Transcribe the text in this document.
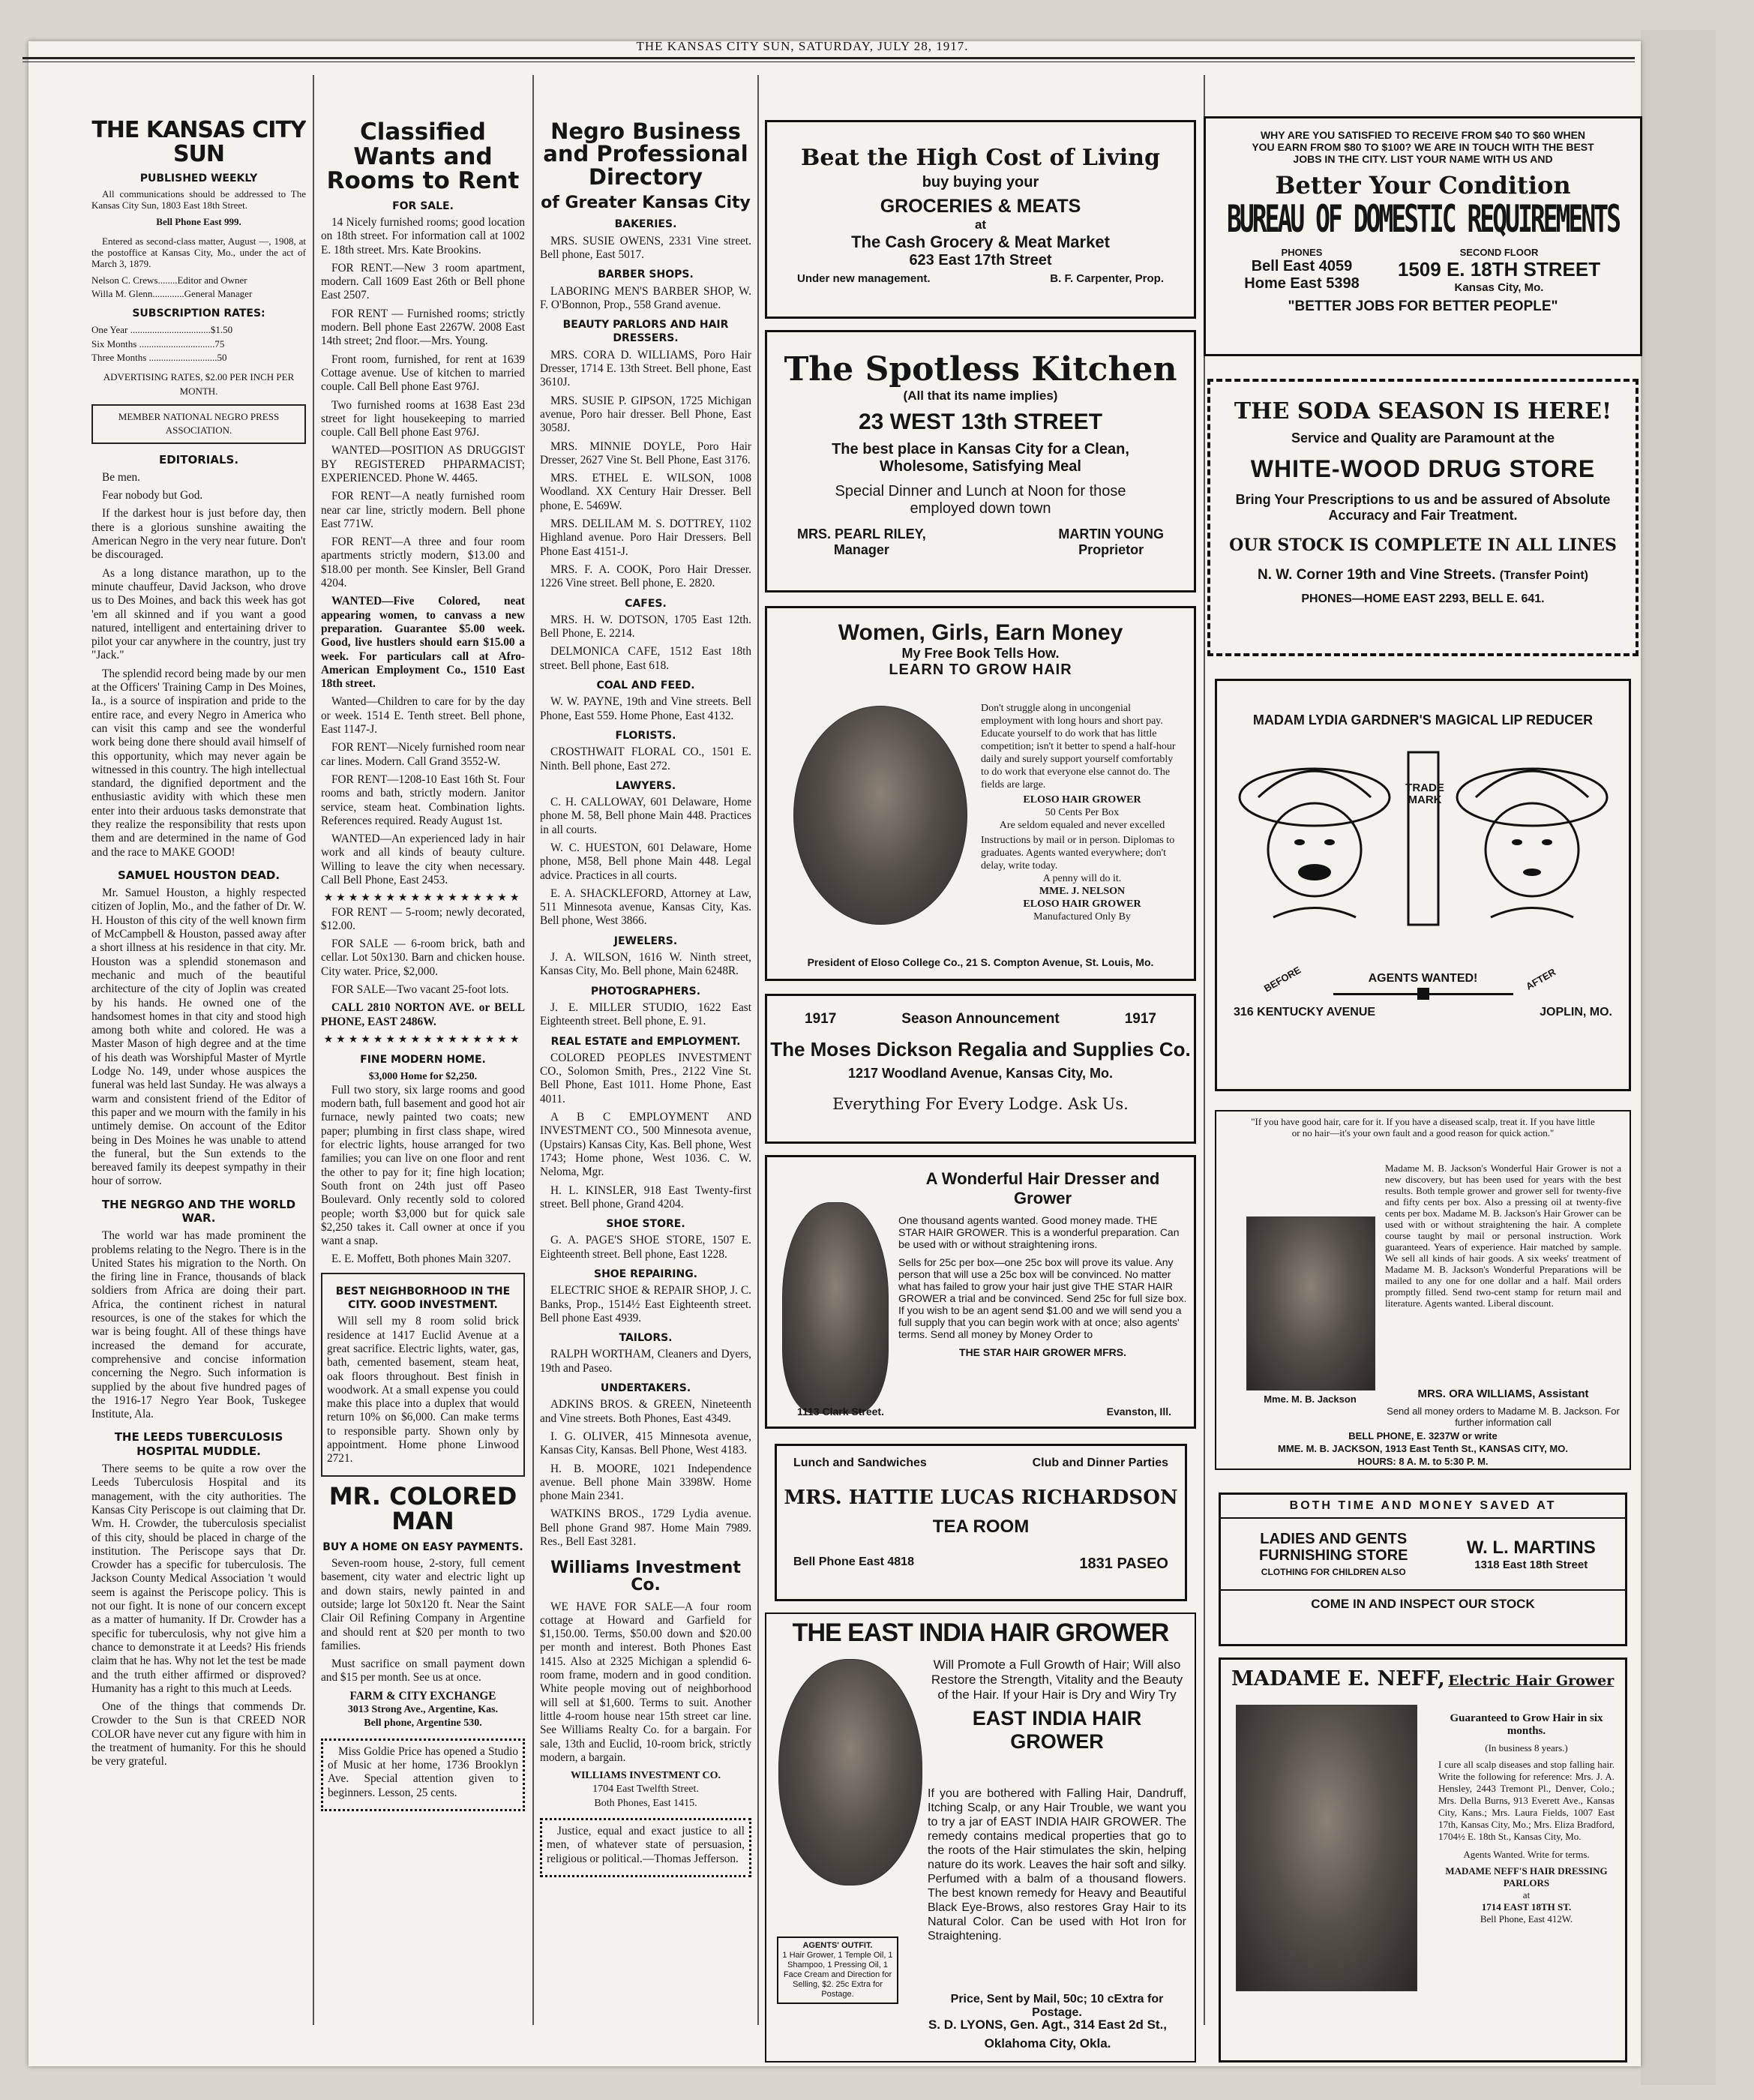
THE KANSAS CITY SUN, SATURDAY, JULY 28, 1917.
THE KANSAS CITY SUN
PUBLISHED WEEKLY

All communications should be addressed to The Kansas City Sun, 1803 East 18th Street.

Bell Phone East 999.

Entered as second-class matter, August —, 1908, at the postoffice at Kansas City, Mo., under the act of March 3, 1879.

Nelson C. Crews........Editor and Owner
Willa M. Glenn.............General Manager
SUBSCRIPTION RATES:
One Year .................................$1.50
Six Months ...............................75
Three Months ............................50
ADVERTISING RATES, $2.00 PER INCH PER MONTH.
MEMBER NATIONAL NEGRO PRESS ASSOCIATION.
EDITORIALS.

Be men.

Fear nobody but God.

If the darkest hour is just before day, then there is a glorious sunshine awaiting the American Negro in the very near future. Don't be discouraged.

As a long distance marathon, up to the minute chauffeur, David Jackson, who drove us to Des Moines, and back this week has got 'em all skinned and if you want a good natured, intelligent and entertaining driver to pilot your car anywhere in the country, just try "Jack."

The splendid record being made by our men at the Officers' Training Camp in Des Moines, Ia., is a source of inspiration and pride to the entire race, and every Negro in America who can visit this camp and see the wonderful work being done there should avail himself of this opportunity, which may never again be witnessed in this country. The high intellectual standard, the dignified deportment and the enthusiastic avidity with which these men enter into their arduous tasks demonstrate that they realize the responsibility that rests upon them and are determined in the name of God and the race to MAKE GOOD!

SAMUEL HOUSTON DEAD.

Mr. Samuel Houston, a highly respected citizen of Joplin, Mo., and the father of Dr. W. H. Houston of this city of the well known firm of McCampbell & Houston, passed away after a short illness at his residence in that city. Mr. Houston was a splendid stonemason and mechanic and much of the beautiful architecture of the city of Joplin was created by his hands. He owned one of the handsomest homes in that city and stood high among both white and colored. He was a Master Mason of high degree and at the time of his death was Worshipful Master of Myrtle Lodge No. 149, under whose auspices the funeral was held last Sunday. He was always a warm and consistent friend of the Editor of this paper and we mourn with the family in his untimely demise. On account of the Editor being in Des Moines he was unable to attend the funeral, but the Sun extends to the bereaved family its deepest sympathy in their hour of sorrow.

THE NEGRGO AND THE WORLD WAR.

The world war has made prominent the problems relating to the Negro. There is in the United States his migration to the North. On the firing line in France, thousands of black soldiers from Africa are doing their part. Africa, the continent richest in natural resources, is one of the stakes for which the war is being fought. All of these things have increased the demand for accurate, comprehensive and concise information concerning the Negro. Such information is supplied by the about five hundred pages of the 1916-17 Negro Year Book, Tuskegee Institute, Ala.

THE LEEDS TUBERCULOSIS HOSPITAL MUDDLE.

There seems to be quite a row over the Leeds Tuberculosis Hospital and its management, with the city authorities. The Kansas City Periscope is out claiming that Dr. Wm. H. Crowder, the tuberculosis specialist of this city, should be placed in charge of the institution. The Periscope says that Dr. Crowder has a specific for tuberculosis. The Jackson County Medical Association 't would seem is against the Periscope policy. This is not our fight. It is none of our concern except as a matter of humanity. If Dr. Crowder has a specific for tuberculosis, why not give him a chance to demonstrate it at Leeds? His friends claim that he has. Why not let the test be made and the truth either affirmed or disproved? Humanity has a right to this much at Leeds.

One of the things that commends Dr. Crowder to the Sun is that CREED NOR COLOR have never cut any figure with him in the treatment of humanity. For this he should be very grateful.

Classified Wants and Rooms to Rent
FOR SALE.

14 Nicely furnished rooms; good location on 18th street. For information call at 1002 E. 18th street. Mrs. Kate Brookins.

FOR RENT.—New 3 room apartment, modern. Call 1609 East 26th or Bell phone East 2507.

FOR RENT — Furnished rooms; strictly modern. Bell phone East 2267W. 2008 East 14th street; 2nd floor.—Mrs. Young.

Front room, furnished, for rent at 1639 Cottage avenue. Use of kitchen to married couple. Call Bell phone East 976J.

Two furnished rooms at 1638 East 23d street for light housekeeping to married couple. Call Bell phone East 976J.

WANTED—POSITION AS DRUGGIST BY REGISTERED PHPARMACIST; EXPERIENCED. Phone W. 4465.

FOR RENT—A neatly furnished room near car line, strictly modern. Bell phone East 771W.

FOR RENT—A three and four room apartments strictly modern, $13.00 and $18.00 per month. See Kinsler, Bell Grand 4204.

WANTED—Five Colored, neat appearing women, to canvass a new preparation. Guarantee $5.00 week. Good, live hustlers should earn $15.00 a week. For particulars call at Afro-American Employment Co., 1510 East 18th street.

Wanted—Children to care for by the day or week. 1514 E. Tenth street. Bell phone, East 1147-J.

FOR RENT—Nicely furnished room near car lines. Modern. Call Grand 3552-W.

FOR RENT—1208-10 East 16th St. Four rooms and bath, strictly modern. Janitor service, steam heat. Combination lights. References required. Ready August 1st.

WANTED—An experienced lady in hair work and all kinds of beauty culture. Willing to leave the city when necessary. Call Bell Phone, East 2453.

★★★★★★★★★★★★★★★★

FOR RENT — 5-room; newly decorated, $12.00.

FOR SALE — 6-room brick, bath and cellar. Lot 50x130. Barn and chicken house. City water. Price, $2,000.

FOR SALE—Two vacant 25-foot lots.

CALL 2810 NORTON AVE. or BELL PHONE, EAST 2486W.

★★★★★★★★★★★★★★★★
FINE MODERN HOME.
$3,000 Home for $2,250.

Full two story, six large rooms and good modern bath, full basement and good hot air furnace, newly painted two coats; new paper; plumbing in first class shape, wired for electric lights, house arranged for two families; you can live on one floor and rent the other to pay for it; fine high location; South front on 24th just off Paseo Boulevard. Only recently sold to colored people; worth $3,000 but for quick sale $2,250 takes it. Call owner at once if you want a snap.

E. E. Moffett, Both phones Main 3207.

BEST NEIGHBORHOOD IN THE CITY. GOOD INVESTMENT.

Will sell my 8 room solid brick residence at 1417 Euclid Avenue at a great sacrifice. Electric lights, water, gas, bath, cemented basement, steam heat, oak floors throughout. Best finish in woodwork. At a small expense you could make this place into a duplex that would return 10% on $6,000. Can make terms to responsible party. Shown only by appointment. Home phone Linwood 2721.

MR. COLORED MAN
BUY A HOME ON EASY PAYMENTS.

Seven-room house, 2-story, full cement basement, city water and electric light up and down stairs, newly painted in and outside; large lot 50x120 ft. Near the Saint Clair Oil Refining Company in Argentine and should rent at $20 per month to two families.

Must sacrifice on small payment down and $15 per month. See us at once.

FARM & CITY EXCHANGE
3013 Strong Ave., Argentine, Kas.
Bell phone, Argentine 530.

Miss Goldie Price has opened a Studio of Music at her home, 1736 Brooklyn Ave. Special attention given to beginners. Lesson, 25 cents.

Negro Business and Professional Directory
of Greater Kansas City
BAKERIES.

MRS. SUSIE OWENS, 2331 Vine street. Bell phone, East 5017.

BARBER SHOPS.

LABORING MEN'S BARBER SHOP, W. F. O'Bonnon, Prop., 558 Grand avenue.

BEAUTY PARLORS AND HAIR DRESSERS.

MRS. CORA D. WILLIAMS, Poro Hair Dresser, 1714 E. 13th Street. Bell phone, East 3610J.

MRS. SUSIE P. GIPSON, 1725 Michigan avenue, Poro hair dresser. Bell Phone, East 3058J.

MRS. MINNIE DOYLE, Poro Hair Dresser, 2627 Vine St. Bell Phone, East 3176.

MRS. ETHEL E. WILSON, 1008 Woodland. XX Century Hair Dresser. Bell phone, E. 5469W.

MRS. DELILAM M. S. DOTTREY, 1102 Highland avenue. Poro Hair Dressers. Bell Phone East 4151-J.

MRS. F. A. COOK, Poro Hair Dresser. 1226 Vine street. Bell phone, E. 2820.

CAFES.

MRS. H. W. DOTSON, 1705 East 12th. Bell Phone, E. 2214.

DELMONICA CAFE, 1512 East 18th street. Bell phone, East 618.

COAL AND FEED.

W. W. PAYNE, 19th and Vine streets. Bell Phone, East 559. Home Phone, East 4132.

FLORISTS.

CROSTHWAIT FLORAL CO., 1501 E. Ninth. Bell phone, East 272.

LAWYERS.

C. H. CALLOWAY, 601 Delaware, Home phone M. 58, Bell phone Main 448. Practices in all courts.

W. C. HUESTON, 601 Delaware, Home phone, M58, Bell phone Main 448. Legal advice. Practices in all courts.

E. A. SHACKLEFORD, Attorney at Law, 511 Minnesota avenue, Kansas City, Kas. Bell phone, West 3866.

JEWELERS.

J. A. WILSON, 1616 W. Ninth street, Kansas City, Mo. Bell phone, Main 6248R.

PHOTOGRAPHERS.

J. E. MILLER STUDIO, 1622 East Eighteenth street. Bell phone, E. 91.

REAL ESTATE and EMPLOYMENT.

COLORED PEOPLES INVESTMENT CO., Solomon Smith, Pres., 2122 Vine St. Bell Phone, East 1011. Home Phone, East 4011.

A B C EMPLOYMENT AND INVESTMENT CO., 500 Minnesota avenue, (Upstairs) Kansas City, Kas. Bell phone, West 1743; Home phone, West 1036. C. W. Neloma, Mgr.

H. L. KINSLER, 918 East Twenty-first street. Bell phone, Grand 4204.

SHOE STORE.

G. A. PAGE'S SHOE STORE, 1507 E. Eighteenth street. Bell phone, East 1228.

SHOE REPAIRING.

ELECTRIC SHOE & REPAIR SHOP, J. C. Banks, Prop., 1514½ East Eighteenth street. Bell phone East 4939.

TAILORS.

RALPH WORTHAM, Cleaners and Dyers, 19th and Paseo.

UNDERTAKERS.

ADKINS BROS. & GREEN, Nineteenth and Vine streets. Both Phones, East 4349.

I. G. OLIVER, 415 Minnesota avenue, Kansas City, Kansas. Bell Phone, West 4183.

H. B. MOORE, 1021 Independence avenue. Bell phone Main 3398W. Home phone Main 2341.

WATKINS BROS., 1729 Lydia avenue. Bell phone Grand 987. Home Main 7989. Res., Bell East 3281.

Williams Investment Co.

WE HAVE FOR SALE—A four room cottage at Howard and Garfield for $1,150.00. Terms, $50.00 down and $20.00 per month and interest. Both Phones East 1415. Also at 2325 Michigan a splendid 6-room frame, modern and in good condition. White people moving out of neighborhood will sell at $1,600. Terms to suit. Another little 4-room house near 15th street car line. See Williams Realty Co. for a bargain. For sale, 13th and Euclid, 10-room brick, strictly modern, a bargain.

WILLIAMS INVESTMENT CO.
1704 East Twelfth Street.
Both Phones, East 1415.

Justice, equal and exact justice to all men, of whatever state of persuasion, religious or political.—Thomas Jefferson.

Beat the High Cost of Living
buy buying your
GROCERIES & MEATS
at
The Cash Grocery & Meat Market
623 East 17th Street
Under new management.	B. F. Carpenter, Prop.
The Spotless Kitchen
(All that its name implies)
23 WEST 13th STREET
The best place in Kansas City for a Clean, Wholesome, Satisfying Meal
Special Dinner and Lunch at Noon for those employed down town
MRS. PEARL RILEY,
Manager
MARTIN YOUNG
Proprietor
Women, Girls, Earn Money
My Free Book Tells How.
LEARN TO GROW HAIR
Don't struggle along in uncongenial employment with long hours and short pay. Educate yourself to do work that has little competition; isn't it better to spend a half-hour daily and surely support yourself comfortably to do work that everyone else cannot do. The fields are large.
ELOSO HAIR GROWER
50 Cents Per Box
Are seldom equaled and never excelled
Instructions by mail or in person. Diplomas to graduates. Agents wanted everywhere; don't delay, write today.
A penny will do it.
MME. J. NELSON
ELOSO HAIR GROWER
Manufactured Only By
President of Eloso College Co., 21 S. Compton Avenue, St. Louis, Mo.
1917	Season Announcement	1917
The Moses Dickson Regalia and Supplies Co.
1217 Woodland Avenue, Kansas City, Mo.
Everything For Every Lodge. Ask Us.
A Wonderful Hair Dresser and Grower
One thousand agents wanted. Good money made. THE STAR HAIR GROWER. This is a wonderful preparation. Can be used with or without straightening irons.
Sells for 25c per box—one 25c box will prove its value. Any person that will use a 25c box will be convinced. No matter what has failed to grow your hair just give THE STAR HAIR GROWER a trial and be convinced. Send 25c for full size box. If you wish to be an agent send $1.00 and we will send you a full supply that you can begin work with at once; also agents' terms. Send all money by Money Order to
THE STAR HAIR GROWER MFRS.
1113 Clark Street.	Evanston, Ill.
Lunch and Sandwiches	Club and Dinner Parties
MRS. HATTIE LUCAS RICHARDSON
TEA ROOM
Bell Phone East 4818	1831 PASEO
THE EAST INDIA HAIR GROWER
Will Promote a Full Growth of Hair; Will also Restore the Strength, Vitality and the Beauty of the Hair. If your Hair is Dry and Wiry Try
EAST INDIA HAIR GROWER
If you are bothered with Falling Hair, Dandruff, Itching Scalp, or any Hair Trouble, we want you to try a jar of EAST INDIA HAIR GROWER. The remedy contains medical properties that go to the roots of the Hair stimulates the skin, helping nature do its work. Leaves the hair soft and silky. Perfumed with a balm of a thousand flowers. The best known remedy for Heavy and Beautiful Black Eye-Brows, also restores Gray Hair to its Natural Color. Can be used with Hot Iron for Straightening.
Price, Sent by Mail, 50c; 10 cExtra for Postage.
AGENTS' OUTFIT.
1 Hair Grower, 1 Temple Oil, 1 Shampoo, 1 Pressing Oil, 1 Face Cream and Direction for Selling, $2. 25c Extra for Postage.
S. D. LYONS, Gen. Agt., 314 East 2d St.,
Oklahoma City, Okla.
WHY ARE YOU SATISFIED TO RECEIVE FROM $40 TO $60 WHEN YOU EARN FROM $80 TO $100? WE ARE IN TOUCH WITH THE BEST JOBS IN THE CITY. LIST YOUR NAME WITH US AND
Better Your Condition
BUREAU OF DOMESTIC REQUIREMENTS
PHONES
Bell East 4059
Home East 5398
SECOND FLOOR
1509 E. 18TH STREET
Kansas City, Mo.
"BETTER JOBS FOR BETTER PEOPLE"
THE SODA SEASON IS HERE!
Service and Quality are Paramount at the
WHITE-WOOD DRUG STORE
Bring Your Prescriptions to us and be assured of Absolute Accuracy and Fair Treatment.
OUR STOCK IS COMPLETE IN ALL LINES
N. W. Corner 19th and Vine Streets. (Transfer Point)
PHONES—HOME EAST 2293, BELL E. 641.
MADAM LYDIA GARDNER'S MAGICAL LIP REDUCER
TRADE MARK
BEFORE	AFTER
AGENTS WANTED!
316 KENTUCKY AVENUE	JOPLIN, MO.
"If you have good hair, care for it. If you have a diseased scalp, treat it. If you have little or no hair—it's your own fault and a good reason for quick action."
Madame M. B. Jackson's Wonderful Hair Grower is not a new discovery, but has been used for years with the best results. Both temple grower and grower sell for twenty-five and fifty cents per box. Also a pressing oil at twenty-five cents per box. Madame M. B. Jackson's Hair Grower can be used with or without straightening the hair. A complete course taught by mail or personal instruction. Work guaranteed. Years of experience. Hair matched by sample. We sell all kinds of hair goods. A six weeks' treatment of Madame M. B. Jackson's Wonderful Preparations will be mailed to any one for one dollar and a half. Mail orders promptly filled. Send two-cent stamp for return mail and literature. Agents wanted. Liberal discount.
Mme. M. B. Jackson	MRS. ORA WILLIAMS, Assistant
Send all money orders to Madame M. B. Jackson. For further information call
BELL PHONE, E. 3237W or write
MME. M. B. JACKSON, 1913 East Tenth St., KANSAS CITY, MO.
HOURS: 8 A. M. to 5:30 P. M.
BOTH TIME AND MONEY SAVED AT
LADIES AND GENTS FURNISHING STORE
CLOTHING FOR CHILDREN ALSO
W. L. MARTINS
1318 East 18th Street
COME IN AND INSPECT OUR STOCK
MADAME E. NEFF, Electric Hair Grower
Guaranteed to Grow Hair in six months.
(In business 8 years.)
I cure all scalp diseases and stop falling hair. Write the following for reference: Mrs. J. A. Hensley, 2443 Tremont Pl., Denver, Colo.; Mrs. Della Burns, 913 Everett Ave., Kansas City, Kans.; Mrs. Laura Fields, 1007 East 17th, Kansas City, Mo.; Mrs. Eliza Bradford, 1704½ E. 18th St., Kansas City, Mo.
Agents Wanted. Write for terms.
MADAME NEFF'S HAIR DRESSING PARLORS
at
1714 EAST 18TH ST.
Bell Phone, East 412W.
